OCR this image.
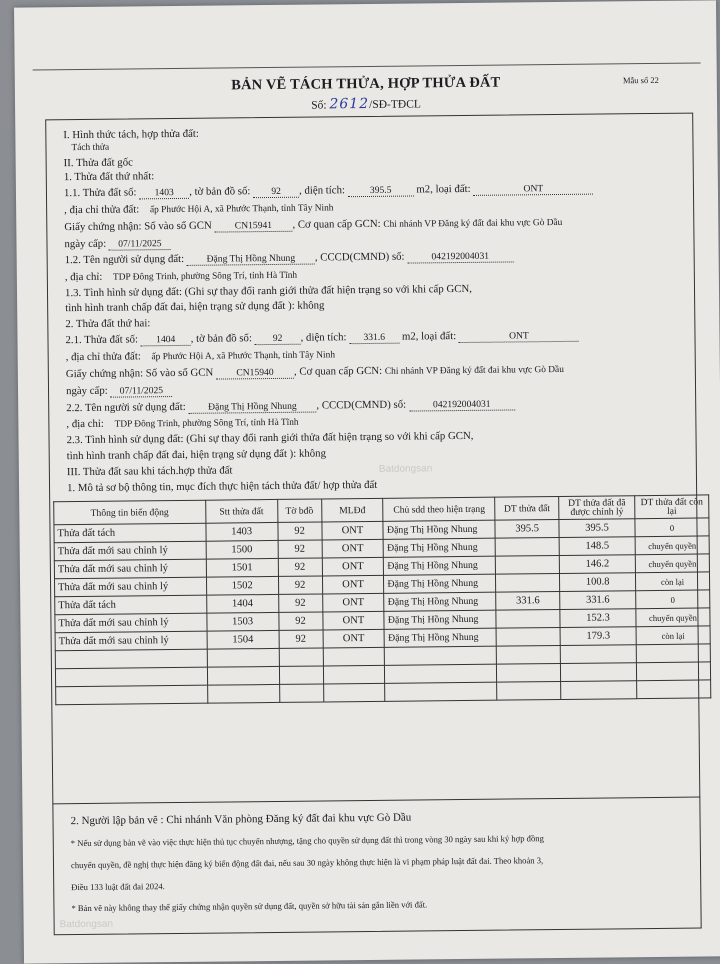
BẢN VẼ TÁCH THỬA, HỢP THỬA ĐẤT	Mẫu số 22
Số: 2612/SĐ-TĐCL
I. Hình thức tách, hợp thửa đất:
Tách thửa
II. Thửa đất gốc
1. Thửa đất thứ nhất:
1.1. Thửa đất số: 1403 , tờ bản đồ số: 92 , diện tích:	395.5 m2, loại đất:	ONT
, địa chỉ thửa đất: ấp Phước Hội A, xã Phước Thạnh, tỉnh Tây Ninh
Giấy chứng nhận: Số vào sổ GCN CN15941 , Cơ quan cấp GCN: Chi nhánh VP Đăng ký đất đai khu vực Gò Dầu
ngày cấp: 07/11/2025
1.2. Tên người sử dụng đất: Đặng Thị Hồng Nhung , CCCD(CMND) số:	042192004031
, địa chỉ: TDP Đông Trinh, phường Sông Trí, tỉnh Hà Tĩnh
1.3. Tình hình sử dụng đất: (Ghi sự thay đổi ranh giới thửa đất hiện trạng so với khi cấp GCN,
tình hình tranh chấp đất đai, hiện trạng sử dụng đất ): không
2. Thửa đất thứ hai:
2.1. Thửa đất số: 1404 , tờ bản đồ số: 92 , diện tích: 331.6 m2, loại đất:	ONT
, địa chỉ thửa đất: ấp Phước Hội A, xã Phước Thạnh, tỉnh Tây Ninh
Giấy chứng nhận: Số vào sổ GCN CN15940 , Cơ quan cấp GCN: Chi nhánh VP Đăng ký đất đai khu vực Gò Dầu
ngày cấp: 07/11/2025
2.2. Tên người sử dụng đất: Đặng Thị Hồng Nhung , CCCD(CMND) số:	042192004031
, địa chỉ: TDP Đông Trinh, phường Sông Trí, tỉnh Hà Tĩnh
2.3. Tình hình sử dụng đất: (Ghi sự thay đổi ranh giới thửa đất hiện trạng so với khi cấp GCN,
tình hình tranh chấp đất đai, hiện trạng sử dụng đất ): không
III. Thửa đất sau khi tách.hợp thửa đất
1. Mô tả sơ bộ thông tin, mục đích thực hiện tách thửa đất/ hợp thửa đất
Thông tin biến động	Stt thửa đất	Tờ bđồ	MLĐđ	Chủ sdd theo hiện trạng	DT thửa đất	DT thửa đất đã được chỉnh lý	DT thửa đất còn lại
Thửa đất tách	1403	92	ONT	Đặng Thị Hồng Nhung	395.5	395.5	0
Thửa đất mới sau chỉnh lý	1500	92	ONT	Đặng Thị Hồng Nhung		148.5	chuyển quyền
Thửa đất mới sau chỉnh lý	1501	92	ONT	Đặng Thị Hồng Nhung		146.2	chuyển quyền
Thửa đất mới sau chỉnh lý	1502	92	ONT	Đặng Thị Hồng Nhung		100.8	còn lại
Thửa đất tách	1404	92	ONT	Đặng Thị Hồng Nhung	331.6	331.6	0
Thửa đất mới sau chỉnh lý	1503	92	ONT	Đặng Thị Hồng Nhung		152.3	chuyển quyền
Thửa đất mới sau chỉnh lý	1504	92	ONT	Đặng Thị Hồng Nhung		179.3	còn lại

2. Người lập bản vẽ : Chi nhánh Văn phòng Đăng ký đất đai khu vực Gò Dầu
* Nếu sử dụng bản vẽ vào việc thực hiện thủ tục chuyển nhượng, tặng cho quyền sử dụng đất thì trong vòng 30 ngày sau khi ký hợp đồng
chuyển quyền, đề nghị thực hiện đăng ký biến động đất đai, nếu sau 30 ngày không thực hiện là vi phạm pháp luật đất đai. Theo khoản 3,
Điều 133 luật đất đai 2024.
* Bản vẽ này không thay thế giấy chứng nhận quyền sử dụng đất, quyền sở hữu tài sản gắn liền với đất.
Batdongsan
Batdongsan
